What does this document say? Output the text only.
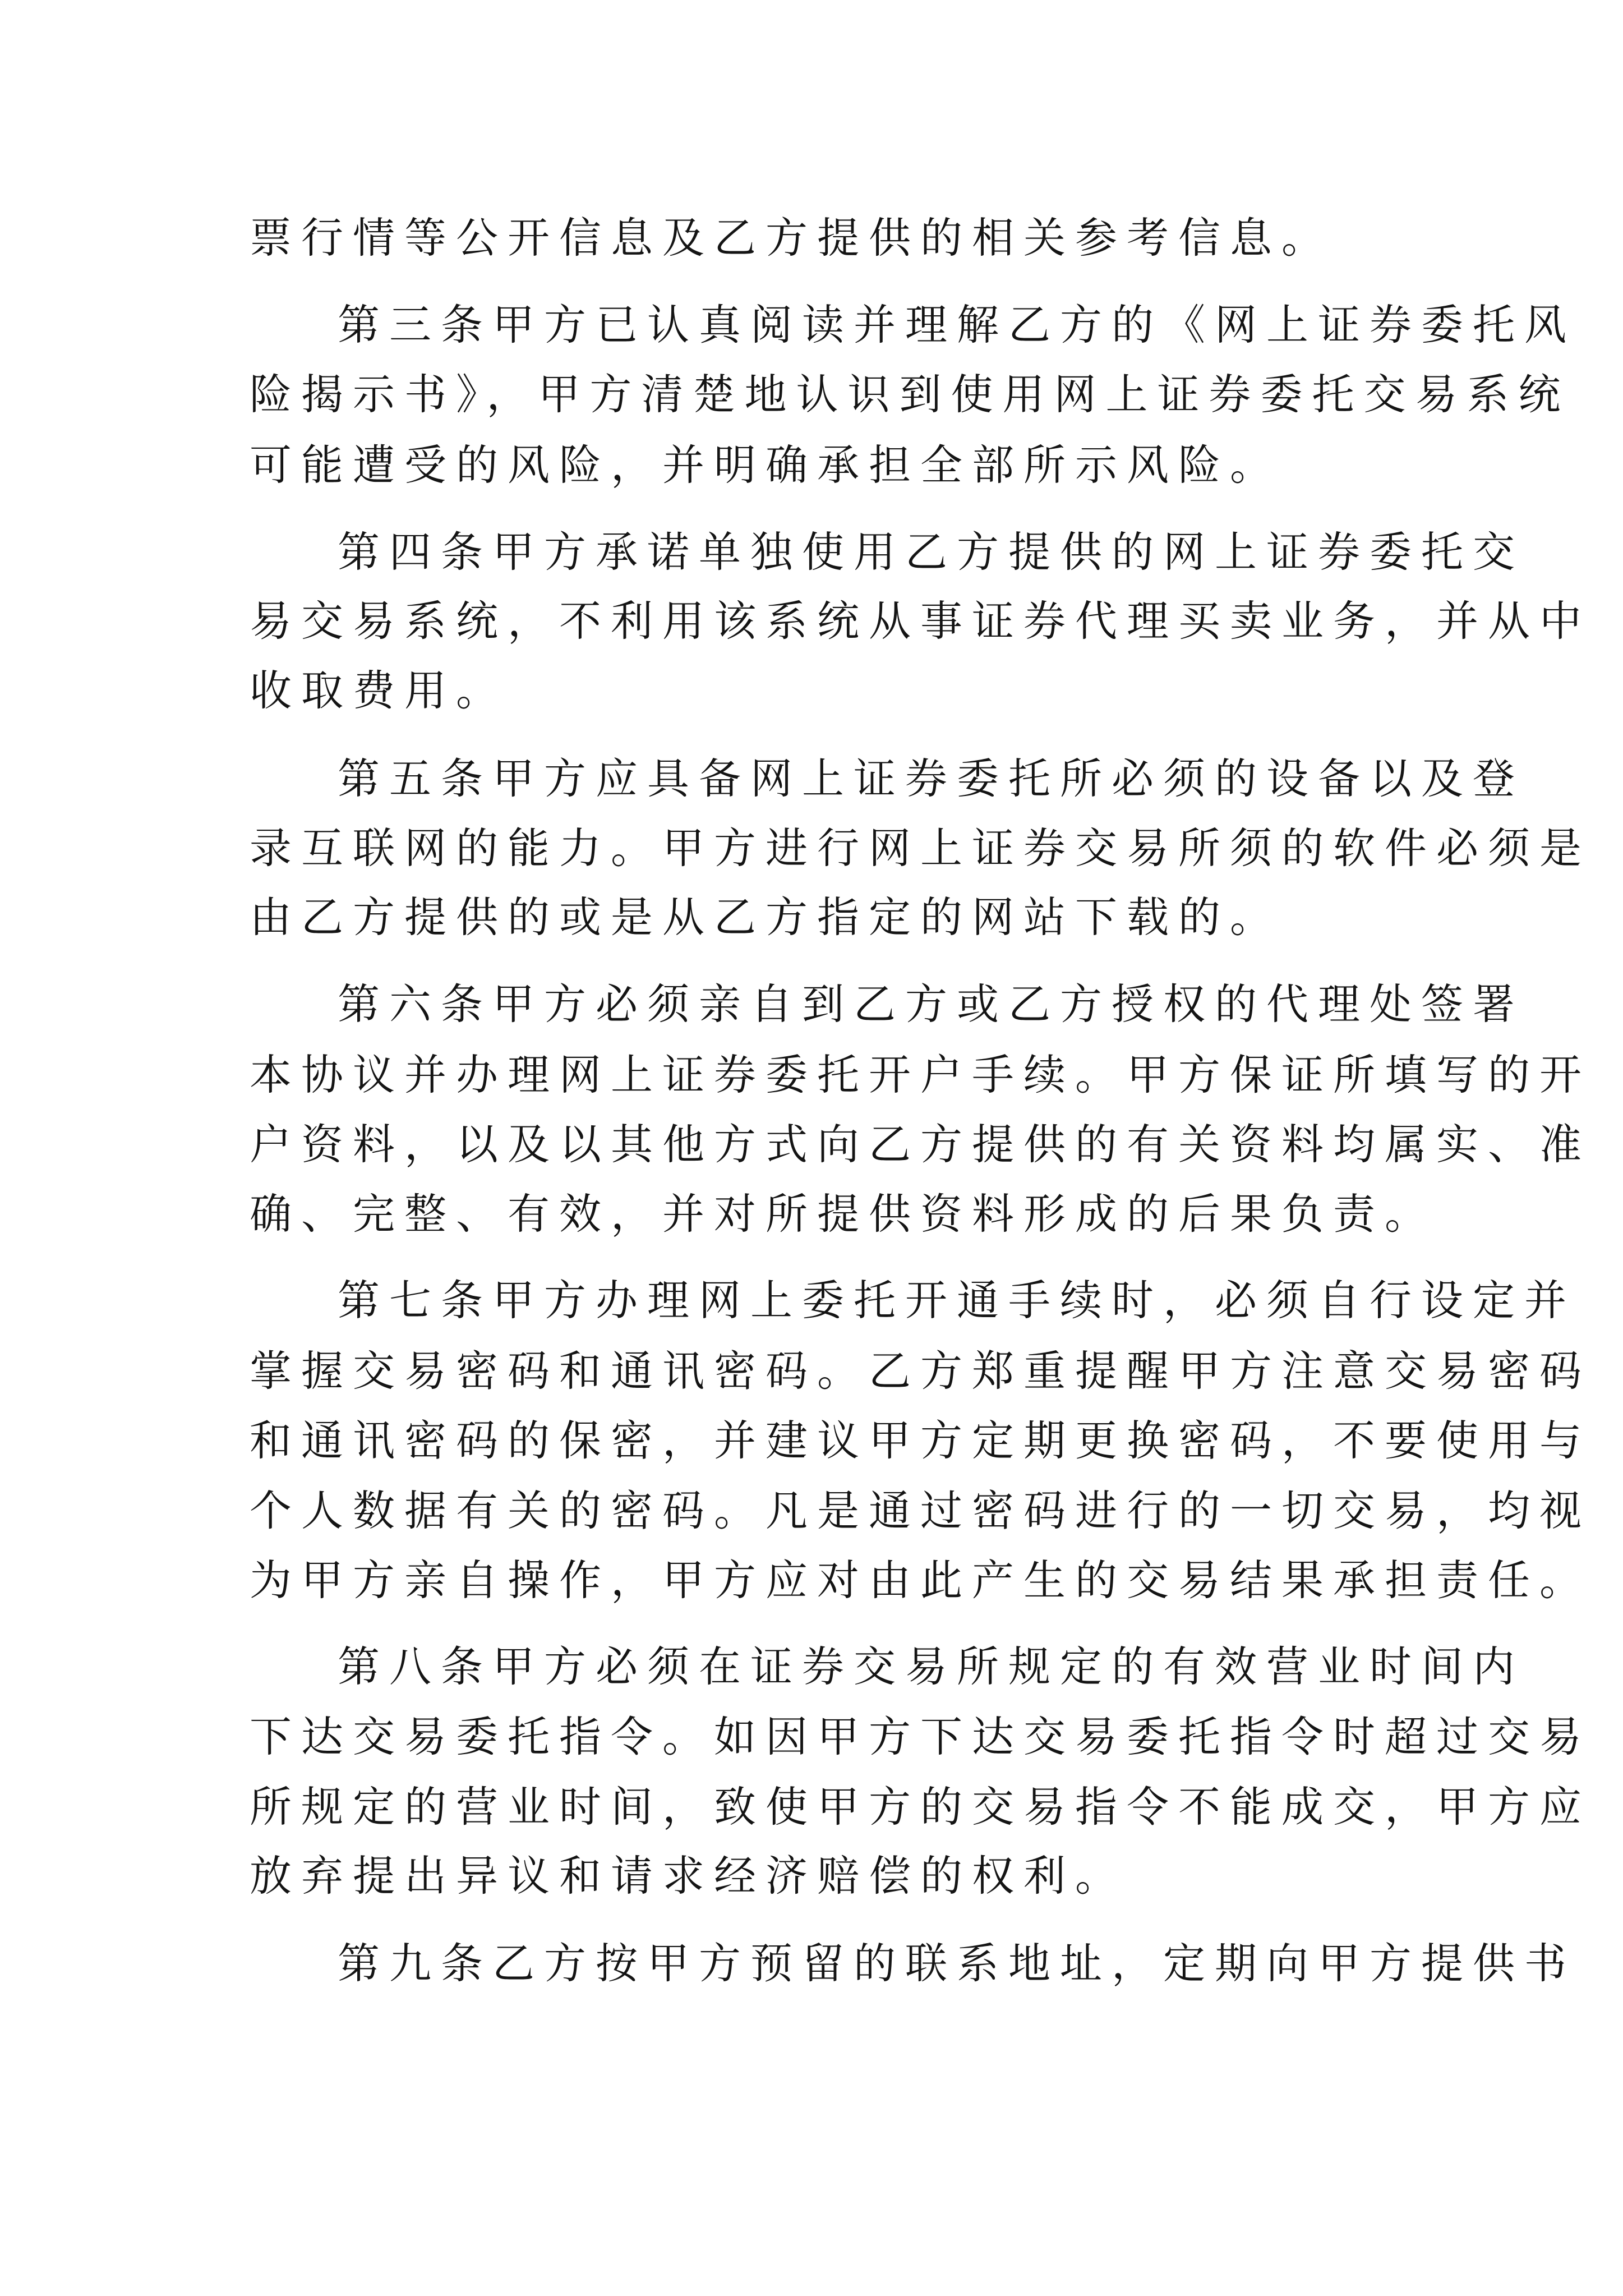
票行情等公开信息及乙方提供的相关参考信息。
第三条甲方已认真阅读并理解乙方的《网上证券委托风
险揭示书》，甲方清楚地认识到使用网上证券委托交易系统
可能遭受的风险，并明确承担全部所示风险。
第四条甲方承诺单独使用乙方提供的网上证券委托交
易交易系统，不利用该系统从事证券代理买卖业务，并从中
收取费用。
第五条甲方应具备网上证券委托所必须的设备以及登
录互联网的能力。甲方进行网上证券交易所须的软件必须是
由乙方提供的或是从乙方指定的网站下载的。
第六条甲方必须亲自到乙方或乙方授权的代理处签署
本协议并办理网上证券委托开户手续。甲方保证所填写的开
户资料，以及以其他方式向乙方提供的有关资料均属实、准
确、完整、有效，并对所提供资料形成的后果负责。
第七条甲方办理网上委托开通手续时，必须自行设定并
掌握交易密码和通讯密码。乙方郑重提醒甲方注意交易密码
和通讯密码的保密，并建议甲方定期更换密码，不要使用与
个人数据有关的密码。凡是通过密码进行的一切交易，均视
为甲方亲自操作，甲方应对由此产生的交易结果承担责任。
第八条甲方必须在证券交易所规定的有效营业时间内
下达交易委托指令。如因甲方下达交易委托指令时超过交易
所规定的营业时间，致使甲方的交易指令不能成交，甲方应
放弃提出异议和请求经济赔偿的权利。
第九条乙方按甲方预留的联系地址，定期向甲方提供书
